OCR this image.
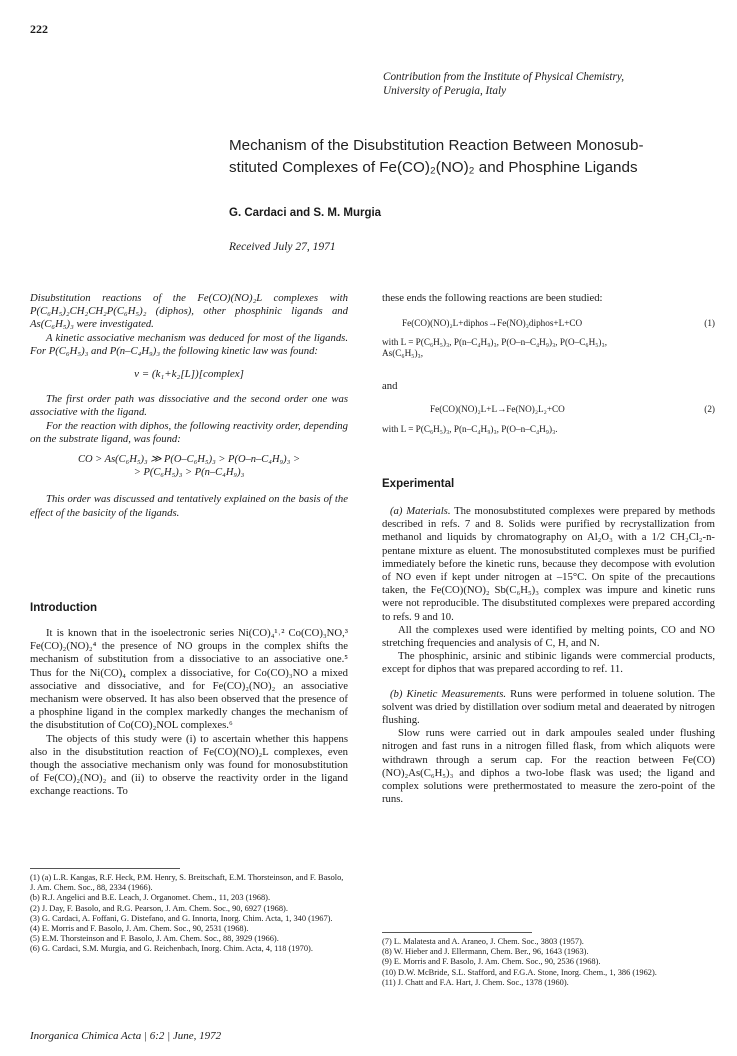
222
Contribution from the Institute of Physical Chemistry,
University of Perugia, Italy
Mechanism of the Disubstitution Reaction Between Monosub-
stituted Complexes of Fe(CO)₂(NO)₂ and Phosphine Ligands
G. Cardaci and S. M. Murgia
Received July 27, 1971

Disubstitution reactions of the Fe(CO)(NO)₂L complexes with P(C₆H₅)₂CH₂CH₂P(C₆H₅)₂ (diphos), other phosphinic ligands and As(C₆H₅)₃ were investigated.

A kinetic associative mechanism was deduced for most of the ligands. For P(C₆H₅)₃ and P(n–C₄H₉)₃ the following kinetic law was found:

v = (k₁+k₂[L])[complex]

The first order path was dissociative and the second order one was associative with the ligand.

For the reaction with diphos, the following reactivity order, depending on the substrate ligand, was found:

CO > As(C₆H₅)₃ ≫ P(O–C₆H₅)₃ > P(O–n–C₄H₉)₃ >
> P(C₆H₅)₃ > P(n–C₄H₉)₃

This order was discussed and tentatively explained on the basis of the effect of the basicity of the ligands.

Introduction

It is known that in the isoelectronic series Ni(CO)₄¹˒² Co(CO)₃NO,³ Fe(CO)₂(NO)₂⁴ the presence of NO groups in the complex shifts the mechanism of substitution from a dissociative to an associative one.⁵ Thus for the Ni(CO)₄ complex a dissociative, for Co(CO)₃NO a mixed associative and dissociative, and for Fe(CO)₂(NO)₂ an associative mechanism were observed. It has also been observed that the presence of a phosphine ligand in the complex markedly changes the mechanism of the disubstitution of Co(CO)₂NOL complexes.⁶

The objects of this study were (i) to ascertain whether this happens also in the disubstitution reaction of Fe(CO)(NO)₂L complexes, even though the associative mechanism only was found for monosubstitution of Fe(CO)₂(NO)₂ and (ii) to observe the reactivity order in the ligand exchange reactions. To

(1) (a) L.R. Kangas, R.F. Heck, P.M. Henry, S. Breitschaft, E.M. Thorsteinson, and F. Basolo, J. Am. Chem. Soc., 88, 2334 (1966).
(b) R.J. Angelici and B.E. Leach, J. Organomet. Chem., 11, 203 (1968).
(2) J. Day, F. Basolo, and R.G. Pearson, J. Am. Chem. Soc., 90, 6927 (1968).
(3) G. Cardaci, A. Foffani, G. Distefano, and G. Innorta, Inorg. Chim. Acta, 1, 340 (1967).
(4) E. Morris and F. Basolo, J. Am. Chem. Soc., 90, 2531 (1968).
(5) E.M. Thorsteinson and F. Basolo, J. Am. Chem. Soc., 88, 3929 (1966).
(6) G. Cardaci, S.M. Murgia, and G. Reichenbach, Inorg. Chim. Acta, 4, 118 (1970).
these ends the following reactions are been studied:
Fe(CO)(NO)₂L+diphos→Fe(NO)₂diphos+L+CO	(1)
with L = P(C₆H₅)₃, P(n–C₄H₉)₃, P(O–n–C₄H₉)₃, P(O–C₆H₅)₃,
As(C₆H₅)₃,
and
Fe(CO)(NO)₂L+L→Fe(NO)₂L₂+CO	(2)
with L = P(C₆H₅)₃, P(n–C₄H₉)₃, P(O–n–C₄H₉)₃.
Experimental

(a) Materials. The monosubstituted complexes were prepared by methods described in refs. 7 and 8. Solids were purified by recrystallization from methanol and liquids by chromatography on Al₂O₃ with a 1/2 CH₂Cl₂-n-pentane mixture as eluent. The monosubstituted complexes must be purified immediately before the kinetic runs, because they decompose with evolution of NO even if kept under nitrogen at –15°C. On spite of the precautions taken, the Fe(CO)(NO)₂ Sb(C₆H₅)₃ complex was impure and kinetic runs were not reproducible. The disubstituted complexes were prepared according to refs. 9 and 10.

All the complexes used were identified by melting points, CO and NO stretching frequencies and analysis of C, H, and N.

The phosphinic, arsinic and stibinic ligands were commercial products, except for diphos that was prepared according to ref. 11.

(b) Kinetic Measurements. Runs were performed in toluene solution. The solvent was dried by distillation over sodium metal and deaerated by nitrogen flushing.

Slow runs were carried out in dark ampoules sealed under flushing nitrogen and fast runs in a nitrogen filled flask, from which aliquots were withdrawn through a serum cap. For the reaction between Fe(CO)(NO)₂As(C₆H₅)₃ and diphos a two-lobe flask was used; the ligand and complex solutions were prethermostated to measure the zero-point of the runs.

(7) L. Malatesta and A. Araneo, J. Chem. Soc., 3803 (1957).
(8) W. Hieber and J. Ellermann, Chem. Ber., 96, 1643 (1963).
(9) E. Morris and F. Basolo, J. Am. Chem. Soc., 90, 2536 (1968).
(10) D.W. McBride, S.L. Stafford, and F.G.A. Stone, Inorg. Chem., 1, 386 (1962).
(11) J. Chatt and F.A. Hart, J. Chem. Soc., 1378 (1960).
Inorganica Chimica Acta | 6:2 | June, 1972
